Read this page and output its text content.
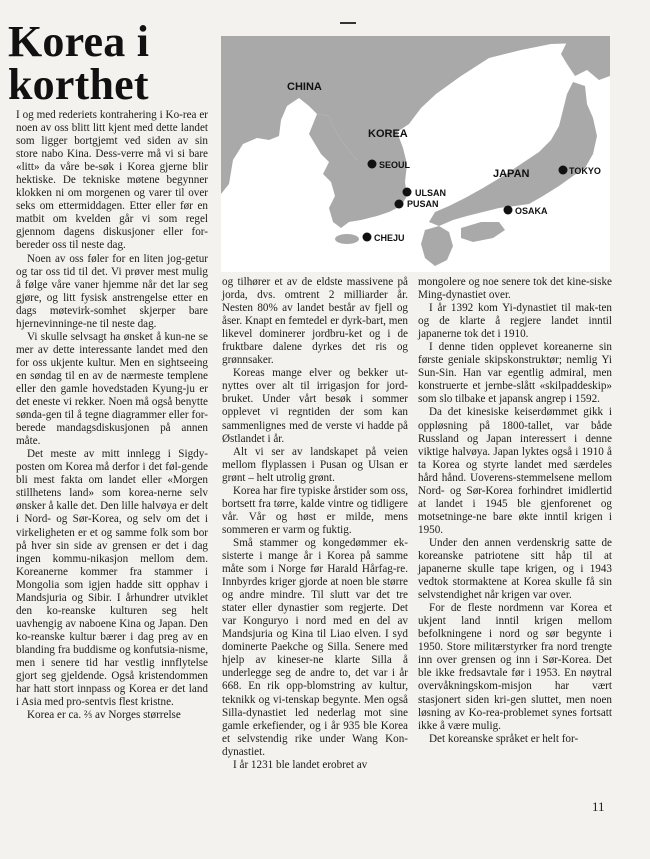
Korea i
korthet	CHINA
KOREA
JAPAN
SEOUL
ULSAN
PUSAN
CHEJU
OSAKA
TOKYO

I og med rederiets kontrahering i Ko-rea er noen av oss blitt litt kjent med dette landet som ligger bortgjemt ved siden av sin store nabo Kina. Dess-verre må vi si bare «litt» da våre be-søk i Korea gjerne blir hektiske. De tekniske møtene begynner klokken ni om morgenen og varer til over seks om ettermiddagen. Etter eller før en matbit om kvelden går vi som regel gjennom dagens diskusjoner eller for-bereder oss til neste dag.

Noen av oss føler for en liten jog-getur og tar oss tid til det. Vi prøver mest mulig å følge våre vaner hjemme når det lar seg gjøre, og litt fysisk anstrengelse etter en dags møtevirk-somhet skjerper bare hjernevinninge-ne til neste dag.

Vi skulle selvsagt ha ønsket å kun-ne se mer av dette interessante landet med den for oss ukjente kultur. Men en sightseeing en søndag til en av de nærmeste templene eller den gamle hovedstaden Kyung-ju er det eneste vi rekker. Noen må også benytte sønda-gen til å tegne diagrammer eller for-berede mandagsdiskusjonen på annen måte.

Det meste av mitt innlegg i Sigdy-posten om Korea må derfor i det føl-gende bli mest fakta om landet eller «Morgen stillhetens land» som korea-nerne selv ønsker å kalle det. Den lille halvøya er delt i Nord- og Sør-Korea, og selv om det i virkeligheten er et og samme folk som bor på hver sin side av grensen er det i dag ingen kommu-nikasjon mellom dem. Koreanerne kommer fra stammer i Mongolia som igjen hadde sitt opphav i Mandsjuria og Sibir. I århundrer utviklet den ko-reanske kulturen seg helt uavhengig av naboene Kina og Japan. Den ko-reanske kultur bærer i dag preg av en blanding fra buddisme og konfutsia-nisme, men i senere tid har vestlig innflytelse gjort seg gjeldende. Også kristendommen har hatt stort innpass og Korea er det land i Asia med pro-sentvis flest kristne.

Korea er ca. ⅔ av Norges størrelse

og tilhører et av de eldste massivene på jorda, dvs. omtrent 2 milliarder år. Nesten 80% av landet består av fjell og åser. Knapt en femtedel er dyrk-bart, men likevel dominerer jordbru-ket og i de fruktbare dalene dyrkes det ris og grønnsaker.

Koreas mange elver og bekker ut-nyttes over alt til irrigasjon for jord-bruket. Under vårt besøk i sommer opplevet vi regntiden der som kan sammenlignes med de verste vi hadde på Østlandet i år.

Alt vi ser av landskapet på veien mellom flyplassen i Pusan og Ulsan er grønt – helt utrolig grønt.

Korea har fire typiske årstider som oss, bortsett fra tørre, kalde vintre og tidligere vår. Vår og høst er milde, mens sommeren er varm og fuktig.

Små stammer og kongedømmer ek-sisterte i mange år i Korea på samme måte som i Norge før Harald Hårfag-re. Innbyrdes kriger gjorde at noen ble større og andre mindre. Til slutt var det tre stater eller dynastier som regjerte. Det var Konguryo i nord med en del av Mandsjuria og Kina til Liao elven. I syd dominerte Paekche og Silla. Senere med hjelp av kineser-ne klarte Silla å underlegge seg de andre to, det var i år 668. En rik opp-blomstring av kultur, teknikk og vi-tenskap begynte. Men også Silla-dynastiet led nederlag mot sine gamle erkefiender, og i år 935 ble Korea et selvstendig rike under Wang Kon-dynastiet.

I år 1231 ble landet erobret av

mongolere og noe senere tok det kine-siske Ming-dynastiet over.

I år 1392 kom Yi-dynastiet til mak-ten og de klarte å regjere landet inntil japanerne tok det i 1910.

I denne tiden opplevet koreanerne sin første geniale skipskonstruktør; nemlig Yi Sun-Sin. Han var egentlig admiral, men konstruerte et jernbe-slått «skilpaddeskip» som slo tilbake et japansk angrep i 1592.

Da det kinesiske keiserdømmet gikk i oppløsning på 1800-tallet, var både Russland og Japan interessert i denne viktige halvøya. Japan lyktes også i 1910 å ta Korea og styrte landet med særdeles hård hånd. Uoverens-stemmelsene mellom Nord- og Sør-Korea forhindret imidlertid at landet i 1945 ble gjenforenet og motsetninge-ne bare økte inntil krigen i 1950.

Under den annen verdenskrig satte de koreanske patriotene sitt håp til at japanerne skulle tape krigen, og i 1943 vedtok stormaktene at Korea skulle få sin selvstendighet når krigen var over.

For de fleste nordmenn var Korea et ukjent land inntil krigen mellom befolkningene i nord og sør begynte i 1950. Store militærstyrker fra nord trengte inn over grensen og inn i Sør-Korea. Det ble ikke fredsavtale før i 1953. En nøytral overvåkningskom-misjon har vært stasjonert siden kri-gen sluttet, men noen løsning av Ko-rea-problemet synes fortsatt ikke å være mulig.

Det koreanske språket er helt for-

11
